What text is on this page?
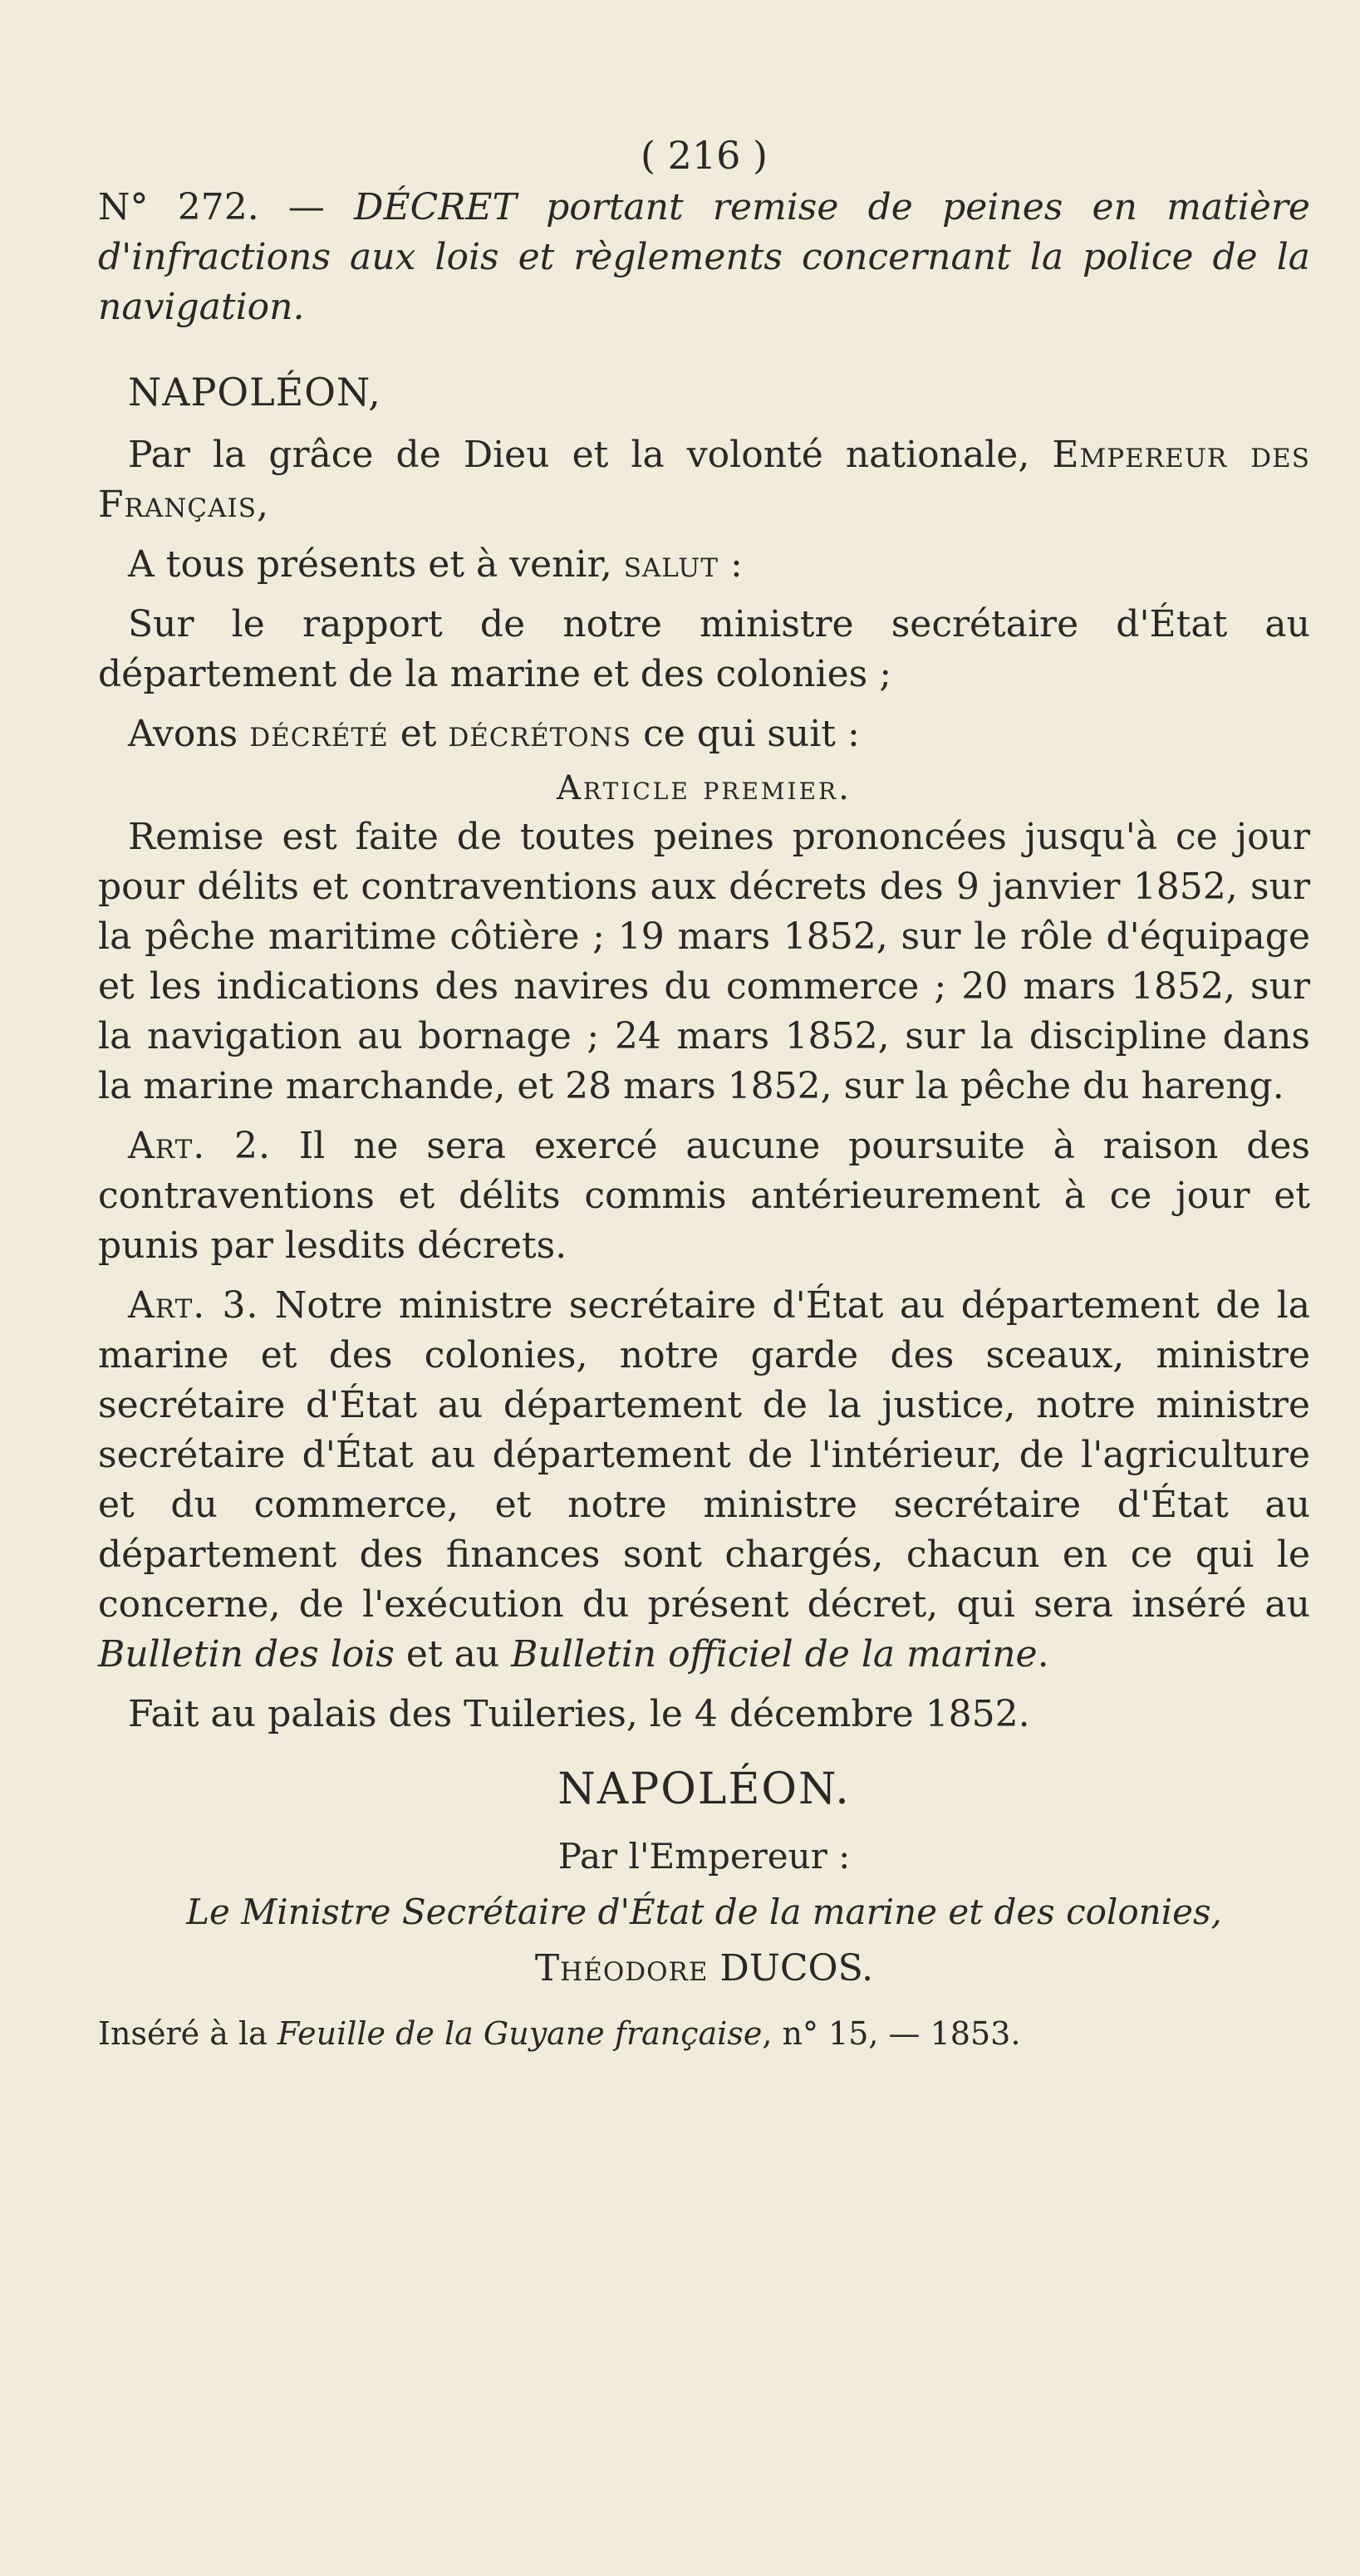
( 216 )
N° 272. — DÉCRET portant remise de peines en matière d'infractions aux lois et règlements concernant la police de la navigation.

NAPOLÉON,

Par la grâce de Dieu et la volonté nationale, Empereur des Français,

A tous présents et à venir, salut :

Sur le rapport de notre ministre secrétaire d'État au département de la marine et des colonies ;

Avons décrété et décrétons ce qui suit :

Article premier.

Remise est faite de toutes peines prononcées jusqu'à ce jour pour délits et contraventions aux décrets des 9 janvier 1852, sur la pêche maritime côtière ; 19 mars 1852, sur le rôle d'équipage et les indications des navires du commerce ; 20 mars 1852, sur la navigation au bornage ; 24 mars 1852, sur la discipline dans la marine marchande, et 28 mars 1852, sur la pêche du hareng.

Art. 2. Il ne sera exercé aucune poursuite à raison des contraventions et délits commis antérieurement à ce jour et punis par lesdits décrets.

Art. 3. Notre ministre secrétaire d'État au département de la marine et des colonies, notre garde des sceaux, ministre secrétaire d'État au département de la justice, notre ministre secrétaire d'État au département de l'intérieur, de l'agriculture et du commerce, et notre ministre secrétaire d'État au département des finances sont chargés, chacun en ce qui le concerne, de l'exécution du présent décret, qui sera inséré au Bulletin des lois et au Bulletin officiel de la marine.

Fait au palais des Tuileries, le 4 décembre 1852.

NAPOLÉON.
Par l'Empereur :
Le Ministre Secrétaire d'État de la marine et des colonies,
Théodore DUCOS.

Inséré à la Feuille de la Guyane française, n° 15, — 1853.
